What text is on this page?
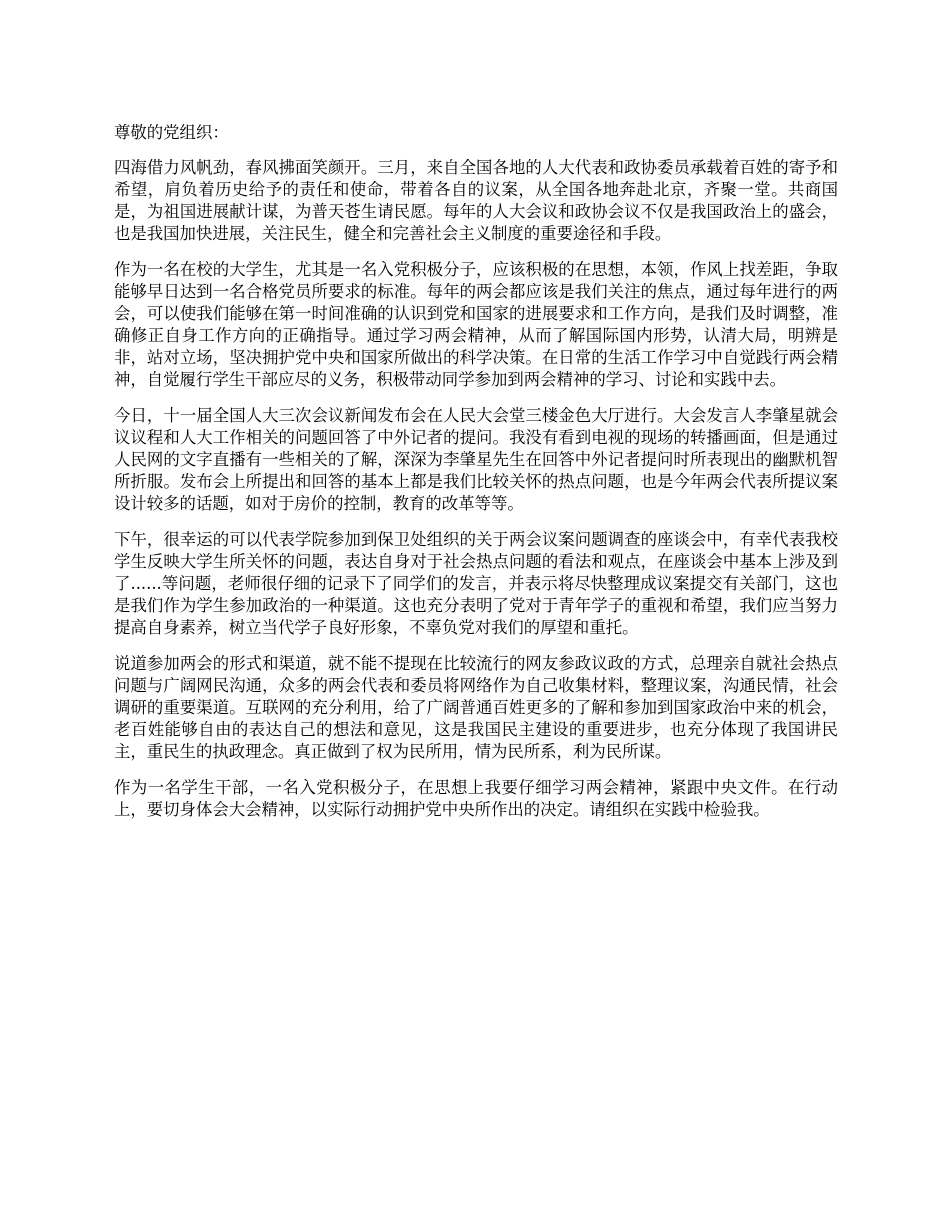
尊敬的党组织：

四海借力风帆劲，春风拂面笑颜开。三月，来自全国各地的人大代表和政协委员承载着百姓的寄予和希望，肩负着历史给予的责任和使命，带着各自的议案，从全国各地奔赴北京，齐聚一堂。共商国是，为祖国进展献计谋，为普天苍生请民愿。每年的人大会议和政协会议不仅是我国政治上的盛会，也是我国加快进展，关注民生，健全和完善社会主义制度的重要途径和手段。

作为一名在校的大学生，尤其是一名入党积极分子，应该积极的在思想，本领，作风上找差距，争取能够早日达到一名合格党员所要求的标准。每年的两会都应该是我们关注的焦点，通过每年进行的两会，可以使我们能够在第一时间准确的认识到党和国家的进展要求和工作方向，是我们及时调整，准确修正自身工作方向的正确指导。通过学习两会精神，从而了解国际国内形势，认清大局，明辨是非，站对立场，坚决拥护党中央和国家所做出的科学决策。在日常的生活工作学习中自觉践行两会精神，自觉履行学生干部应尽的义务，积极带动同学参加到两会精神的学习、讨论和实践中去。

今日，十一届全国人大三次会议新闻发布会在人民大会堂三楼金色大厅进行。大会发言人李肇星就会议议程和人大工作相关的问题回答了中外记者的提问。我没有看到电视的现场的转播画面，但是通过人民网的文字直播有一些相关的了解，深深为李肇星先生在回答中外记者提问时所表现出的幽默机智所折服。发布会上所提出和回答的基本上都是我们比较关怀的热点问题，也是今年两会代表所提议案设计较多的话题，如对于房价的控制，教育的改革等等。

下午，很幸运的可以代表学院参加到保卫处组织的关于两会议案问题调查的座谈会中，有幸代表我校学生反映大学生所关怀的问题，表达自身对于社会热点问题的看法和观点，在座谈会中基本上涉及到了......等问题，老师很仔细的记录下了同学们的发言，并表示将尽快整理成议案提交有关部门，这也是我们作为学生参加政治的一种渠道。这也充分表明了党对于青年学子的重视和希望，我们应当努力提高自身素养，树立当代学子良好形象，不辜负党对我们的厚望和重托。

说道参加两会的形式和渠道，就不能不提现在比较流行的网友参政议政的方式，总理亲自就社会热点问题与广阔网民沟通，众多的两会代表和委员将网络作为自己收集材料，整理议案，沟通民情，社会调研的重要渠道。互联网的充分利用，给了广阔普通百姓更多的了解和参加到国家政治中来的机会，老百姓能够自由的表达自己的想法和意见，这是我国民主建设的重要进步，也充分体现了我国讲民主，重民生的执政理念。真正做到了权为民所用，情为民所系，利为民所谋。

作为一名学生干部，一名入党积极分子，在思想上我要仔细学习两会精神，紧跟中央文件。在行动上，要切身体会大会精神，以实际行动拥护党中央所作出的决定。请组织在实践中检验我。
